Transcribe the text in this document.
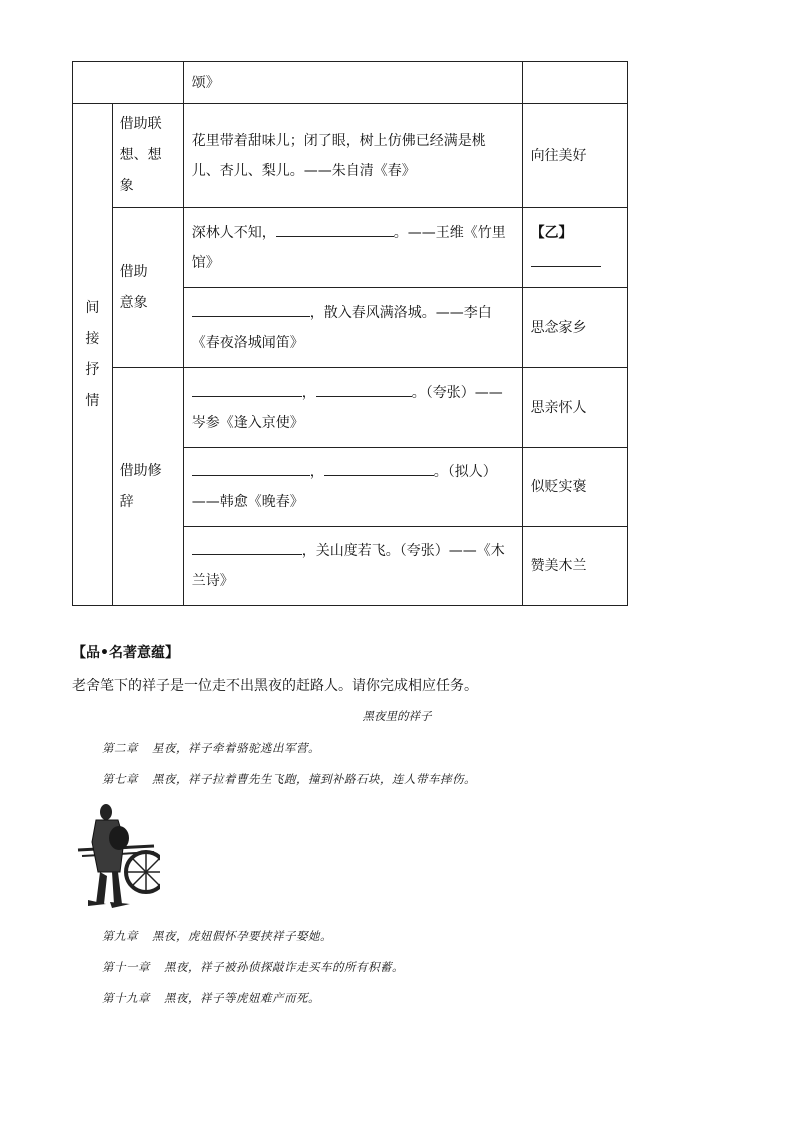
		颂》	
间接抒情	借助联想、想象	花里带着甜味儿；闭了眼，树上仿佛已经满是桃儿、杏儿、梨儿。——朱自清《春》	向往美好
	借助意象	深林人不知， 。——王维《竹里馆》	【乙】

		，散入春风满洛城。——李白《春夜洛城闻笛》	思念家乡
	借助修辞	， 。（夸张）——岑参《逢入京使》	思亲怀人
		， 。（拟人）——韩愈《晚春》	似贬实褒
		，关山度若飞。（夸张）——《木兰诗》	赞美木兰
【品•名著意蕴】
老舍笔下的祥子是一位走不出黑夜的赶路人。请你完成相应任务。
黑夜里的祥子
第二章 星夜，祥子牵着骆驼逃出军营。
第七章 黑夜，祥子拉着曹先生飞跑，撞到补路石块，连人带车摔伤。
第九章 黑夜，虎妞假怀孕要挟祥子娶她。
第十一章 黑夜，祥子被孙侦探敲诈走买车的所有积蓄。
第十九章 黑夜，祥子等虎妞难产而死。
